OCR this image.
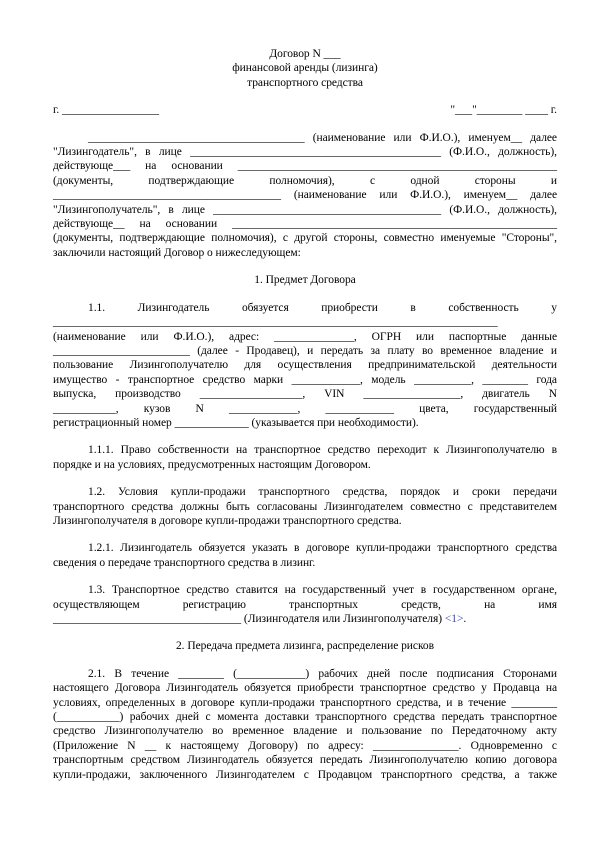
Договор N ___
финансовой аренды (лизинга)
транспортного средства
г. _________________	"___"________ ____ г.
______________________________________ (наименование или Ф.И.О.), именуем__ далее
"Лизингодатель", в лице ____________________________________________ (Ф.И.О., должность),
действующе___ на основании ________________________________________________________
(документы, подтверждающие полномочия), с одной стороны и
________________________________________ (наименование или Ф.И.О.), именуем__ далее
"Лизингополучатель", в лице ________________________________________ (Ф.И.О., должность),
действующе__ на основании _________________________________________________________
(документы, подтверждающие полномочия), с другой стороны, совместно именуемые "Стороны",
заключили настоящий Договор о нижеследующем:
1. Предмет Договора
1.1. Лизингодатель обязуется приобрести в собственность у
______________________________________________________________________________
(наименование или Ф.И.О.), адрес: ______________, ОГРН или паспортные данные
________________________ (далее - Продавец), и передать за плату во временное владение и
пользование Лизингополучателю для осуществления предпринимательской деятельности
имущество - транспортное средство марки ____________, модель __________, ________ года
выпуска, производство __________________, VIN _________________, двигатель N
___________, кузов N ____________, ____________ цвета, государственный
регистрационный номер _____________ (указывается при необходимости).
1.1.1. Право собственности на транспортное средство переходит к Лизингополучателю в
порядке и на условиях, предусмотренных настоящим Договором.
1.2. Условия купли-продажи транспортного средства, порядок и сроки передачи
транспортного средства должны быть согласованы Лизингодателем совместно с представителем
Лизингополучателя в договоре купли-продажи транспортного средства.
1.2.1. Лизингодатель обязуется указать в договоре купли-продажи транспортного средства
сведения о передаче транспортного средства в лизинг.
1.3. Транспортное средство ставится на государственный учет в государственном органе,
осуществляющем регистрацию транспортных средств, на имя
_________________________________ (Лизингодателя или Лизингополучателя) <1>.
2. Передача предмета лизинга, распределение рисков
2.1. В течение ________ (____________) рабочих дней после подписания Сторонами
настоящего Договора Лизингодатель обязуется приобрести транспортное средство у Продавца на
условиях, определенных в договоре купли-продажи транспортного средства, и в течение ________
(___________) рабочих дней с момента доставки транспортного средства передать транспортное
средство Лизингополучателю во временное владение и пользование по Передаточному акту
(Приложение N __ к настоящему Договору) по адресу: _______________. Одновременно с
транспортным средством Лизингодатель обязуется передать Лизингополучателю копию договора
купли-продажи, заключенного Лизингодателем с Продавцом транспортного средства, а также
